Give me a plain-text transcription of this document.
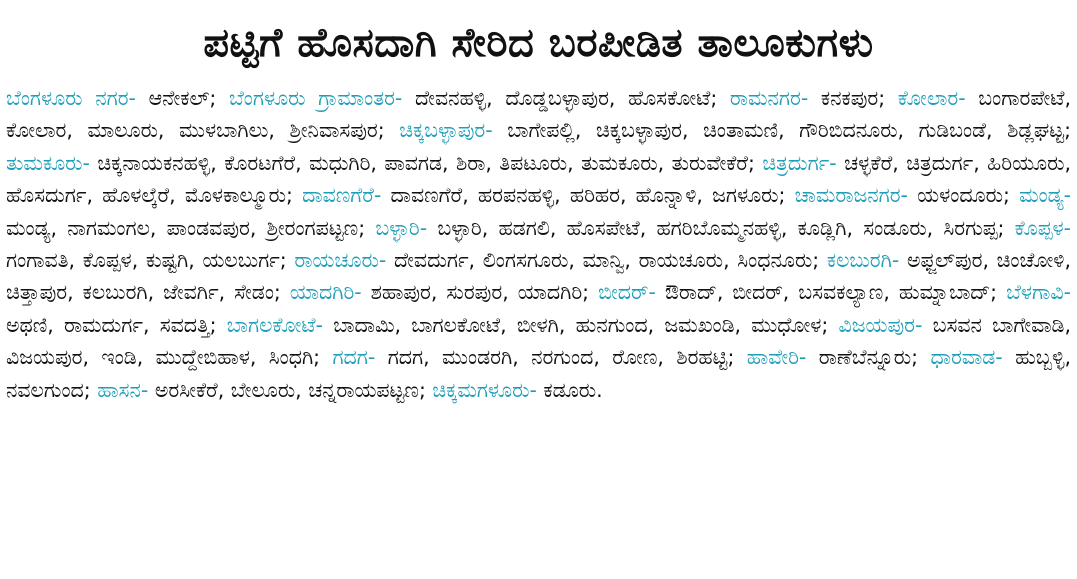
ಪಟ್ಟಿಗೆ ಹೊಸದಾಗಿ ಸೇರಿದ ಬರಪೀಡಿತ ತಾಲೂಕುಗಳು

ಬೆಂಗಳೂರು ನಗರ- ಆನೇಕಲ್; ಬೆಂಗಳೂರು ಗ್ರಾಮಾಂತರ- ದೇವನಹಳ್ಳಿ, ದೊಡ್ಡಬಳ್ಳಾಪುರ, ಹೊಸಕೋಟೆ; ರಾಮನಗರ- ಕನಕಪುರ; ಕೋಲಾರ- ಬಂಗಾರಪೇಟೆ, ಕೋಲಾರ, ಮಾಲೂರು, ಮುಳಬಾಗಿಲು, ಶ್ರೀನಿವಾಸಪುರ; ಚಿಕ್ಕಬಳ್ಳಾಪುರ- ಬಾಗೇಪಲ್ಲಿ, ಚಿಕ್ಕಬಳ್ಳಾಪುರ, ಚಿಂತಾಮಣಿ, ಗೌರಿಬಿದನೂರು, ಗುಡಿಬಂಡೆ, ಶಿಡ್ಲಘಟ್ಟ; ತುಮಕೂರು- ಚಿಕ್ಕನಾಯಕನಹಳ್ಳಿ, ಕೊರಟಗೆರೆ, ಮಧುಗಿರಿ, ಪಾವಗಡ, ಶಿರಾ, ತಿಪಟೂರು, ತುಮಕೂರು, ತುರುವೇಕೆರೆ; ಚಿತ್ರದುರ್ಗ- ಚಳ್ಳಕೆರೆ, ಚಿತ್ರದುರ್ಗ, ಹಿರಿಯೂರು, ಹೊಸದುರ್ಗ, ಹೊಳಲ್ಕೆರೆ, ಮೊಳಕಾಲ್ಮೂರು; ದಾವಣಗೆರೆ- ದಾವಣಗೆರೆ, ಹರಪನಹಳ್ಳಿ, ಹರಿಹರ, ಹೊನ್ನಾಳಿ, ಜಗಳೂರು; ಚಾಮರಾಜನಗರ- ಯಳಂದೂರು; ಮಂಡ್ಯ- ಮಂಡ್ಯ, ನಾಗಮಂಗಲ, ಪಾಂಡವಪುರ, ಶ್ರೀರಂಗಪಟ್ಟಣ; ಬಳ್ಳಾರಿ- ಬಳ್ಳಾರಿ, ಹಡಗಲಿ, ಹೊಸಪೇಟೆ, ಹಗರಿಬೊಮ್ಮನಹಳ್ಳಿ, ಕೂಡ್ಲಿಗಿ, ಸಂಡೂರು, ಸಿರಗುಪ್ಪ; ಕೊಪ್ಪಳ- ಗಂಗಾವತಿ, ಕೊಪ್ಪಳ, ಕುಷ್ಟಗಿ, ಯಲಬುರ್ಗ; ರಾಯಚೂರು- ದೇವದುರ್ಗ, ಲಿಂಗಸಗೂರು, ಮಾನ್ವಿ, ರಾಯಚೂರು, ಸಿಂಧನೂರು; ಕಲಬುರಗಿ- ಅಫ್ಜಲ್‌ಪುರ, ಚಿಂಚೋಳಿ, ಚಿತ್ತಾಪುರ, ಕಲಬುರಗಿ, ಜೇವರ್ಗಿ, ಸೇಡಂ; ಯಾದಗಿರಿ- ಶಹಾಪುರ, ಸುರಪುರ, ಯಾದಗಿರಿ; ಬೀದರ್- ಔರಾದ್, ಬೀದರ್, ಬಸವಕಲ್ಯಾಣ, ಹುಮ್ನಾಬಾದ್; ಬೆಳಗಾವಿ-ಅಥಣಿ, ರಾಮದುರ್ಗ, ಸವದತ್ತಿ; ಬಾಗಲಕೋಟೆ- ಬಾದಾಮಿ, ಬಾಗಲಕೋಟೆ, ಬೀಳಗಿ, ಹುನಗುಂದ, ಜಮಖಂಡಿ, ಮುಧೋಳ; ವಿಜಯಪುರ- ಬಸವನ ಬಾಗೇವಾಡಿ, ವಿಜಯಪುರ, ಇಂಡಿ, ಮುದ್ದೇಬಿಹಾಳ, ಸಿಂಧಗಿ; ಗದಗ- ಗದಗ, ಮುಂಡರಗಿ, ನರಗುಂದ, ರೋಣ, ಶಿರಹಟ್ಟಿ; ಹಾವೇರಿ- ರಾಣೆಬೆನ್ನೂರು; ಧಾರವಾಡ- ಹುಬ್ಬಳ್ಳಿ, ನವಲಗುಂದ; ಹಾಸನ- ಅರಸೀಕೆರೆ, ಬೇಲೂರು, ಚನ್ನರಾಯಪಟ್ಟಣ; ಚಿಕ್ಕಮಗಳೂರು- ಕಡೂರು.
